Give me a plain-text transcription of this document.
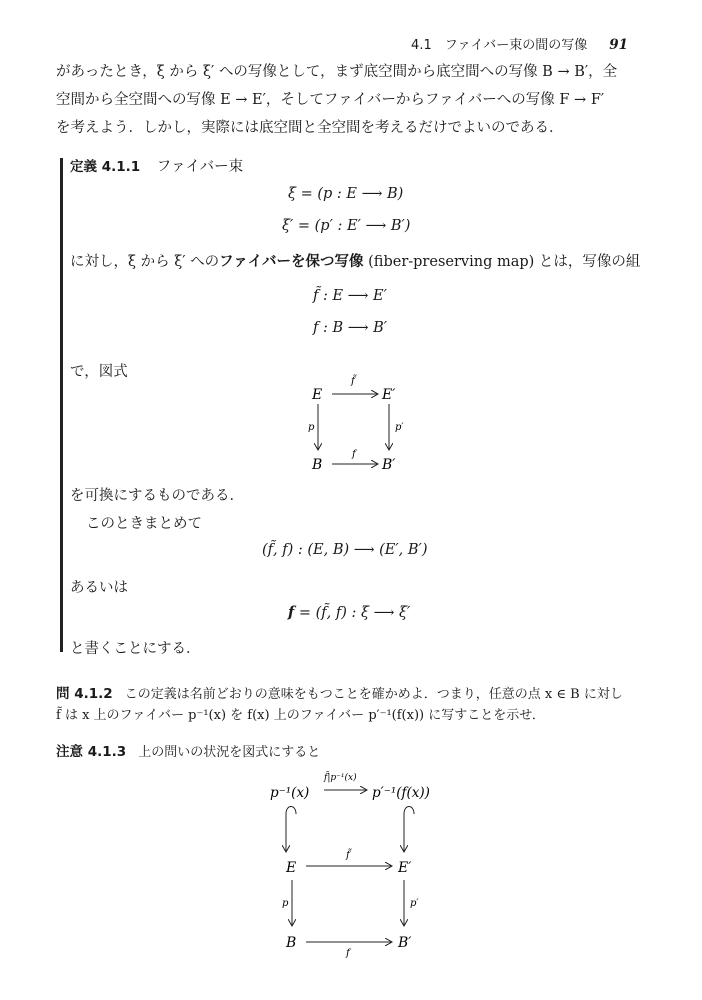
4.1　ファイバー束の間の写像 91
があったとき，ξ から ξ′ への写像として，まず底空間から底空間への写像 B → B′，全
空間から全空間への写像 E → E′，そしてファイバーからファイバーへの写像 F → F′
を考えよう．しかし，実際には底空間と全空間を考えるだけでよいのである．
定義 4.1.1 ファイバー束
ξ = (p : E ⟶ B)
ξ′ = (p′ : E′ ⟶ B′)
に対し，ξ から ξ′ へのファイバーを保つ写像 (fiber-preserving map) とは，写像の組
f̃ : E ⟶ E′
f : B ⟶ B′
で，図式
E	E′
B	B′
f̃
f
p	p′
を可換にするものである．
このときまとめて
(f̃, f) : (E, B) ⟶ (E′, B′)
あるいは
f = (f̃, f) : ξ ⟶ ξ′
と書くことにする．
問 4.1.2 この定義は名前どおりの意味をもつことを確かめよ．つまり，任意の点 x ∈ B に対し
f̃ は x 上のファイバー p⁻¹(x) を f(x) 上のファイバー p′⁻¹(f(x)) に写すことを示せ．
注意 4.1.3 上の問いの状況を図式にすると
p⁻¹(x)	p′⁻¹(f(x))
f̃|p⁻¹(x)
E	E′
f̃
p	p′
B	B′
f
